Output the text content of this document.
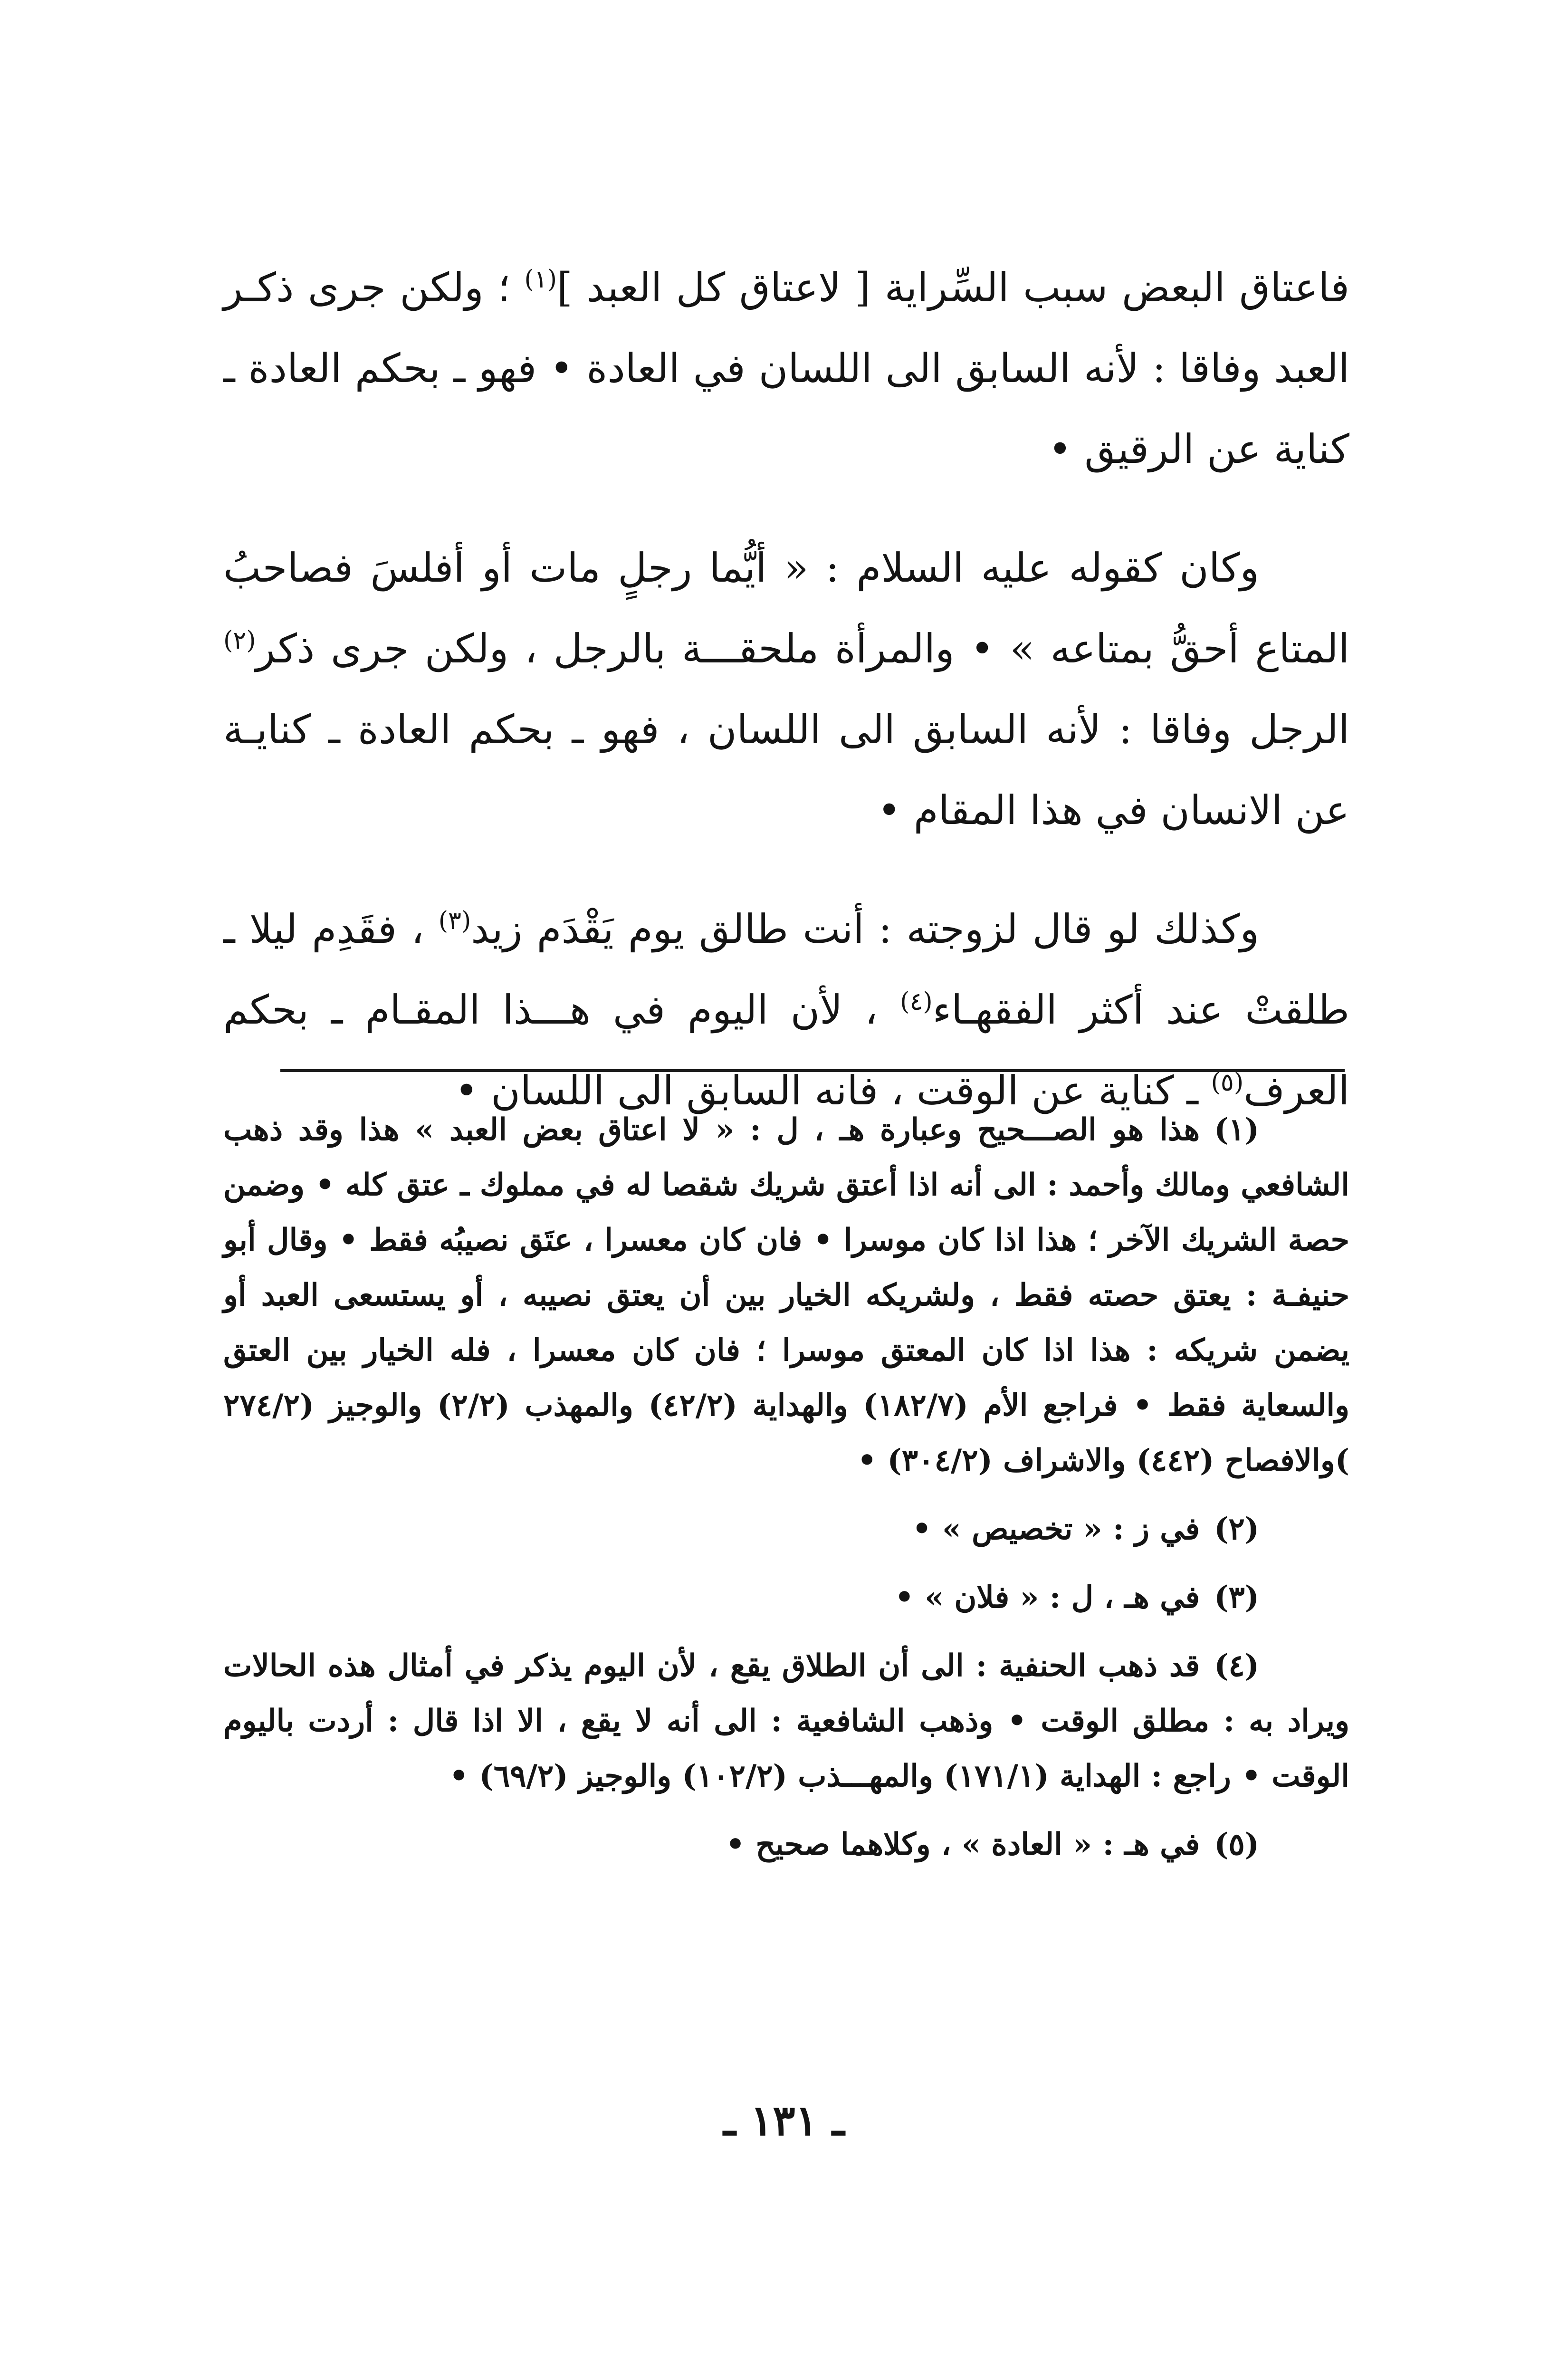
فاعتاق البعض سبب السِّراية [ لاعتاق كل العبد ]$^{(١)}$ ؛ ولكن جرى ذكـر العبد وفاقا : لأنه السابق الى اللسان في العادة • فهو ـ بحكم العادة ـ كناية عن الرقيق •

وكان كقوله عليه السلام : « أيُّما رجلٍ مات أو أفلسَ فصاحبُ المتاع أحقُّ بمتاعه » • والمرأة ملحقـــة بالرجل ، ولكن جرى ذكر$^{(٢)}$ الرجل وفاقا : لأنه السابق الى اللسان ، فهو ـ بحكم العادة ـ كنايـة عن الانسان في هذا المقام •

وكذلك لو قال لزوجته : أنت طالق يوم يَقْدَم زيد$^{(٣)}$ ، فقَدِم ليلا ـ طلقتْ عند أكثر الفقهـاء$^{(٤)}$ ، لأن اليوم في هـــذا المقـام ـ بحكم العرف$^{(٥)}$ ـ كناية عن الوقت ، فانه السابق الى اللسان •

(١)هذا هو الصـــحيح وعبارة هـ ، ل : « لا اعتاق بعض العبد » هذا وقد ذهب الشافعي ومالك وأحمد : الى أنه اذا أعتق شريك شقصا له في مملوك ـ عتق كله • وضمن حصة الشريك الآخر ؛ هذا اذا كان موسرا • فان كان معسرا ، عتَق نصيبُه فقط • وقال أبو حنيفـة : يعتق حصته فقط ، ولشريكه الخيار بين أن يعتق نصيبه ، أو يستسعى العبد أو يضمن شريكه : هذا اذا كان المعتق موسرا ؛ فان كان معسرا ، فله الخيار بين العتق والسعاية فقط • فراجع الأم (١٨٢/٧) والهداية (٤٢/٢) والمهذب (٢/٢) والوجيز (٢٧٤/٢ )والافصاح (٤٤٢) والاشراف (٣٠٤/٢) •
(٢)في ز : « تخصيص » •
(٣)في هـ ، ل : « فلان » •
(٤)قد ذهب الحنفية : الى أن الطلاق يقع ، لأن اليوم يذكر في أمثال هذه الحالات ويراد به : مطلق الوقت • وذهب الشافعية : الى أنه لا يقع ، الا اذا قال : أردت باليوم الوقت • راجع : الهداية (١٧١/١) والمهـــذب (١٠٢/٢) والوجيز (٦٩/٢) •
(٥)في هـ : « العادة » ، وكلاهما صحيح •
ـ ١٣١ ـ
